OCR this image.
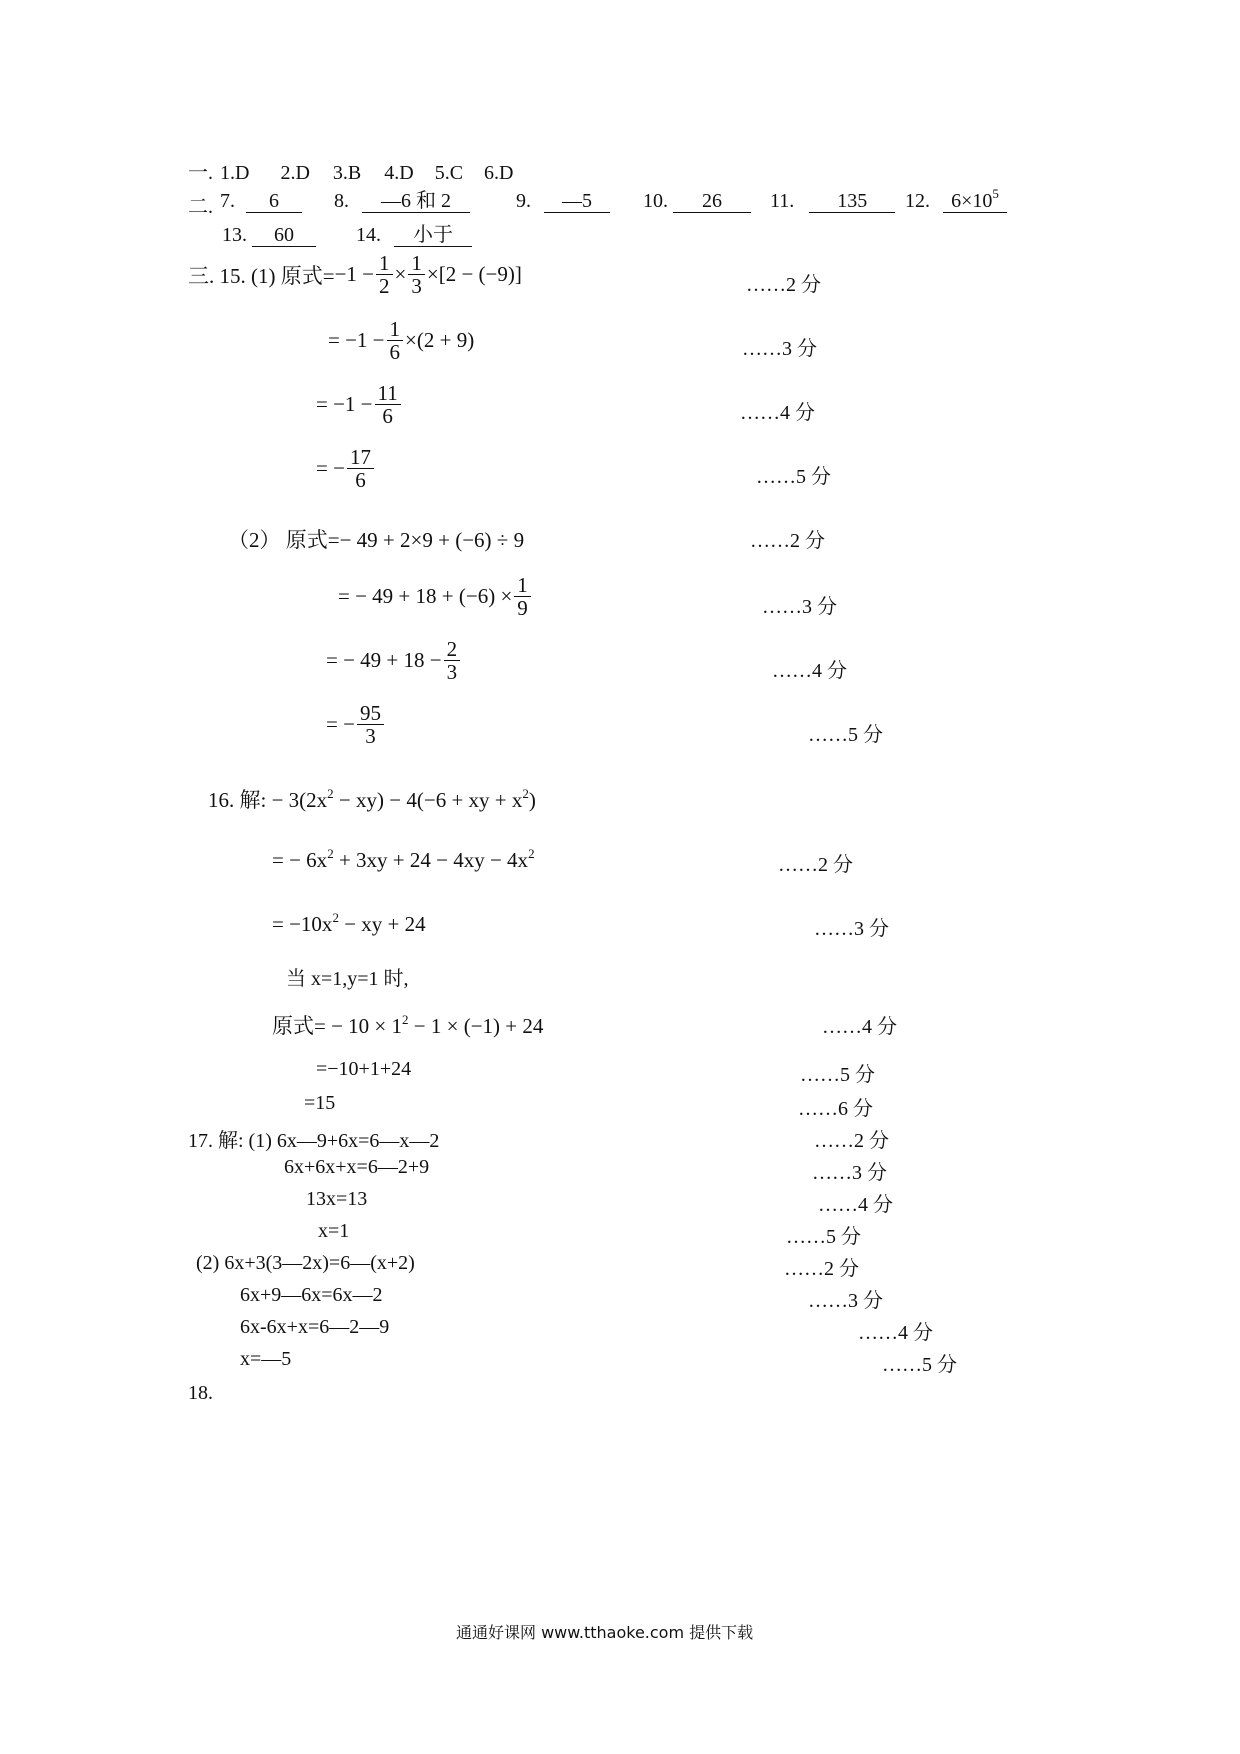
一. 1.D 2.D 3.B 4.D 5.C 6.D
二. 7. 6	8. —6 和 2	9. —5	10. 26	11. 135	12. $6\times 10^5$
13. 60	14. 小于
三. 15. (1) 原式= $-1 - \frac{1}{2} \times \frac{1}{3} \times[2 - (-9)]$	……2 分
= $-1 - \frac{1}{6} \times(2 + 9)$	……3 分
= $-1 - \frac{11}{6}$	……4 分
= − $\frac{17}{6}$	……5 分
（2） 原式=− 49 + 2×9 + (−6) ÷ 9	……2 分
= − $49 + 18 + (-6) \times \frac{1}{9}$	……3 分
= − $49 + 18 - \frac{2}{3}$	……4 分
= − $\frac{95}{3}$	……5 分
16. 解: − $3(2x^2 - xy) - 4(-6$ + xy + $x^2$)
= − $6x^2 + 3xy + 24 - 4xy - 4x^2$
……2 分
= $-10x^2$ − xy + 24	……3 分
当 x=1,y=1 时,
原式= − $10 \times 1^2 - 1 \times (-1) + 24$	……4 分
=−10+1+24	……5 分
=15	……6 分
17. 解: (1) 6x—9+6x=6—x—2	……2 分
6x+6x+x=6—2+9	……3 分
13x=13	……4 分
x=1	……5 分
(2) 6x+3(3—2x)=6—(x+2)	……2 分
6x+9—6x=6x—2	……3 分
6x-6x+x=6—2—9	……4 分
x=—5	……5 分
18.
通通好课网 www.tthaoke.com 提供下载
